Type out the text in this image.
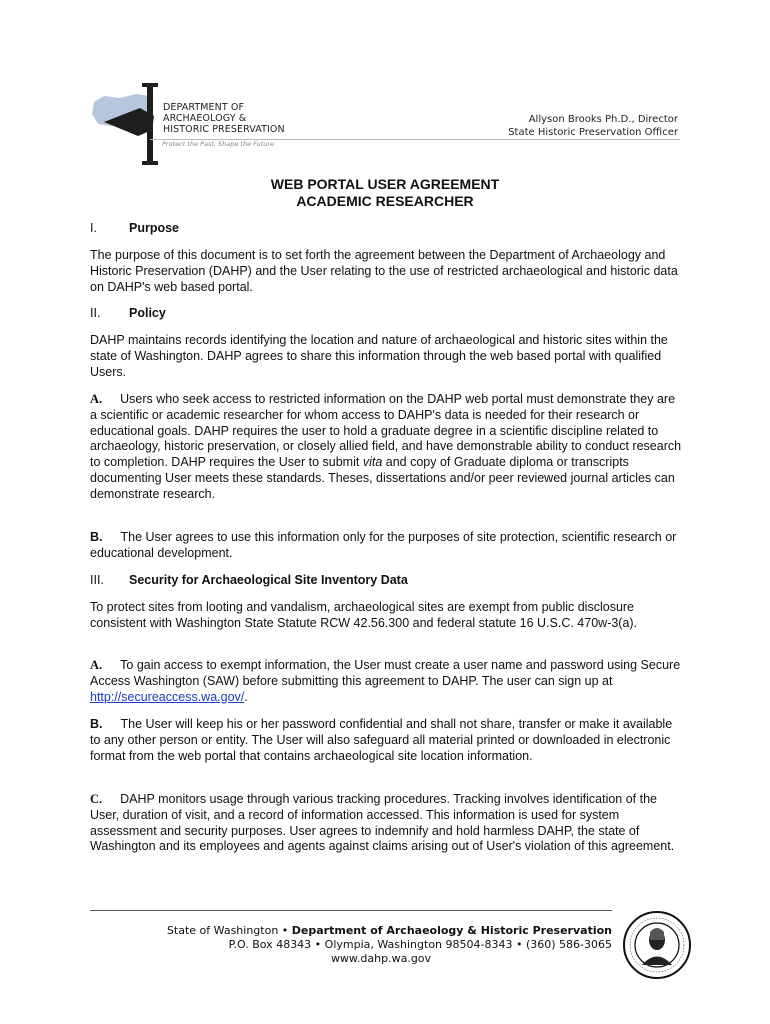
DEPARTMENT OF
ARCHAEOLOGY &
HISTORIC PRESERVATION
Protect the Past, Shape the Future
Allyson Brooks Ph.D., Director
State Historic Preservation Officer
WEB PORTAL USER AGREEMENT
ACADEMIC RESEARCHER
I.	Purpose
The purpose of this document is to set forth the agreement between the Department of Archaeology and Historic Preservation (DAHP) and the User relating to the use of restricted archaeological and historic data on DAHP's web based portal.
II. Policy
DAHP maintains records identifying the location and nature of archaeological and historic sites within the state of Washington. DAHP agrees to share this information through the web based portal with qualified Users.
A. Users who seek access to restricted information on the DAHP web portal must demonstrate they are a scientific or academic researcher for whom access to DAHP's data is needed for their research or educational goals. DAHP requires the user to hold a graduate degree in a scientific discipline related to archaeology, historic preservation, or closely allied field, and have demonstrable ability to conduct research to completion. DAHP requires the User to submit vita and copy of Graduate diploma or transcripts documenting User meets these standards. Theses, dissertations and/or peer reviewed journal articles can demonstrate research.
B. The User agrees to use this information only for the purposes of site protection, scientific research or educational development.
III. Security for Archaeological Site Inventory Data
To protect sites from looting and vandalism, archaeological sites are exempt from public disclosure consistent with Washington State Statute RCW 42.56.300 and federal statute 16 U.S.C. 470w-3(a).
A. To gain access to exempt information, the User must create a user name and password using Secure Access Washington (SAW) before submitting this agreement to DAHP. The user can sign up at http://secureaccess.wa.gov/.
B. The User will keep his or her password confidential and shall not share, transfer or make it available to any other person or entity. The User will also safeguard all material printed or downloaded in electronic format from the web portal that contains archaeological site location information.
C. DAHP monitors usage through various tracking procedures. Tracking involves identification of the User, duration of visit, and a record of information accessed. This information is used for system assessment and security purposes. User agrees to indemnify and hold harmless DAHP, the state of Washington and its employees and agents against claims arising out of User's violation of this agreement.
State of Washington • Department of Archaeology & Historic Preservation
P.O. Box 48343 • Olympia, Washington 98504-8343 • (360) 586-3065
www.dahp.wa.gov
